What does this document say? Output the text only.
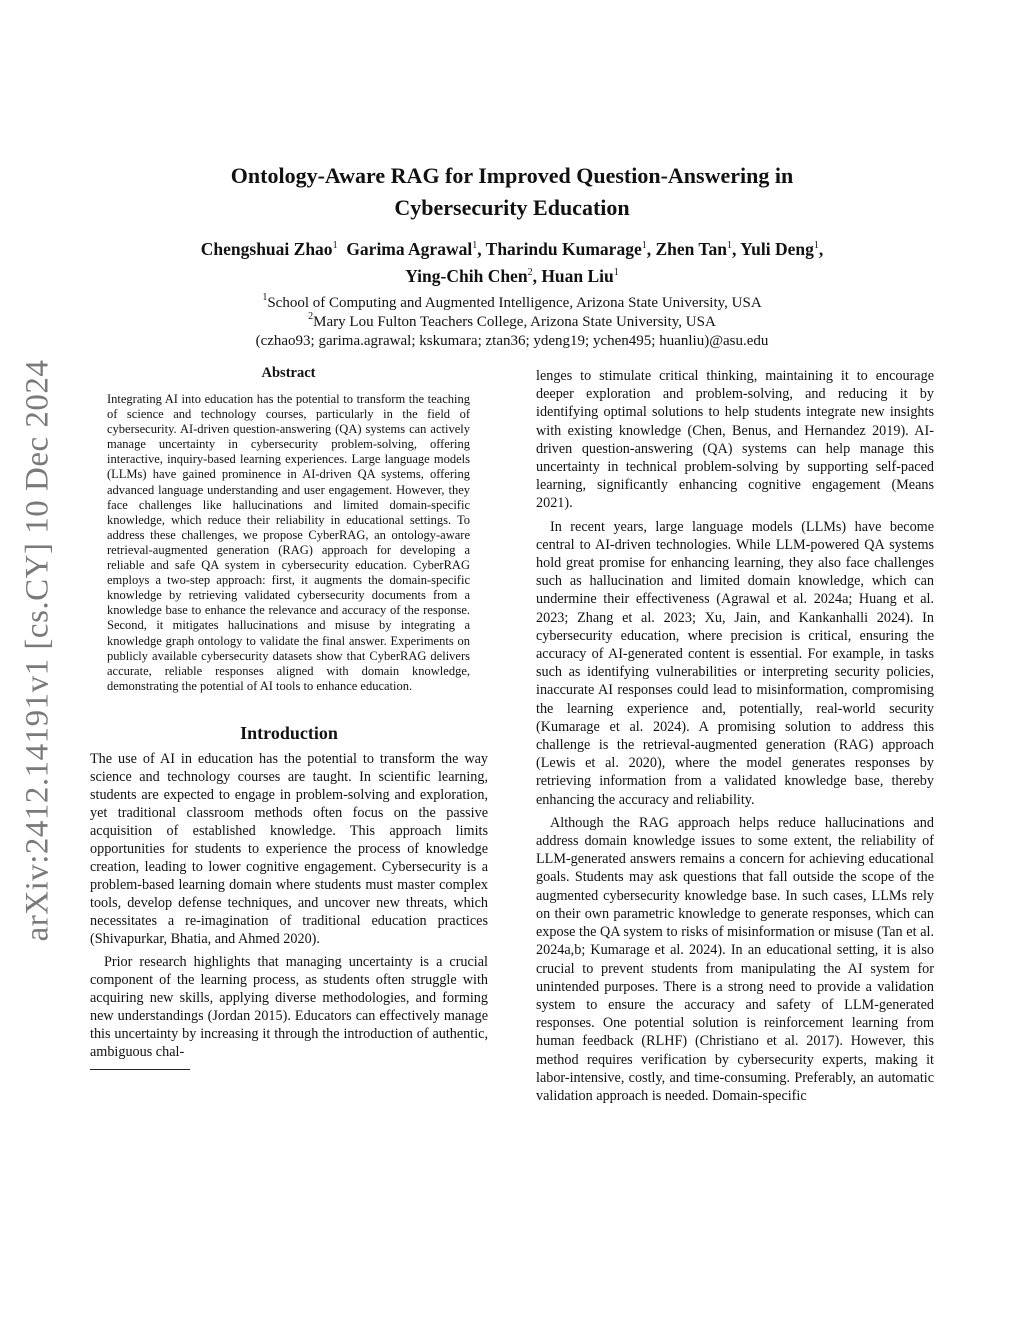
arXiv:2412.14191v1 [cs.CY] 10 Dec 2024
Ontology-Aware RAG for Improved Question-Answering in
Cybersecurity Education
Chengshuai Zhao$^1$ Garima Agrawal$^1$, Tharindu Kumarage$^1$, Zhen Tan$^1$, Yuli Deng$^1$,
Ying-Chih Chen$^2$, Huan Liu$^1$
$^1$School of Computing and Augmented Intelligence, Arizona State University, USA
$^2$Mary Lou Fulton Teachers College, Arizona State University, USA
(czhao93; garima.agrawal; kskumara; ztan36; ydeng19; ychen495; huanliu)@asu.edu
Abstract

Integrating AI into education has the potential to transform the teaching of science and technology courses, particularly in the field of cybersecurity. AI-driven question-answering (QA) systems can actively manage uncertainty in cybersecurity problem-solving, offering interactive, inquiry-based learning experiences. Large language models (LLMs) have gained prominence in AI-driven QA systems, offering advanced language understanding and user engagement. However, they face challenges like hallucinations and limited domain-specific knowledge, which reduce their reliability in educational settings. To address these challenges, we propose CyberRAG, an ontology-aware retrieval-augmented generation (RAG) approach for developing a reliable and safe QA system in cybersecurity education. CyberRAG employs a two-step approach: first, it augments the domain-specific knowledge by retrieving validated cybersecurity documents from a knowledge base to enhance the relevance and accuracy of the response. Second, it mitigates hallucinations and misuse by integrating a knowledge graph ontology to validate the final answer. Experiments on publicly available cybersecurity datasets show that CyberRAG delivers accurate, reliable responses aligned with domain knowledge, demonstrating the potential of AI tools to enhance education.

Introduction

The use of AI in education has the potential to transform the way science and technology courses are taught. In scientific learning, students are expected to engage in problem-solving and exploration, yet traditional classroom methods often focus on the passive acquisition of established knowledge. This approach limits opportunities for students to experience the process of knowledge creation, leading to lower cognitive engagement. Cybersecurity is a problem-based learning domain where students must master complex tools, develop defense techniques, and uncover new threats, which necessitates a re-imagination of traditional education practices (Shivapurkar, Bhatia, and Ahmed 2020).

Prior research highlights that managing uncertainty is a crucial component of the learning process, as students often struggle with acquiring new skills, applying diverse methodologies, and forming new understandings (Jordan 2015). Educators can effectively manage this uncertainty by increasing it through the introduction of authentic, ambiguous chal-

lenges to stimulate critical thinking, maintaining it to encourage deeper exploration and problem-solving, and reducing it by identifying optimal solutions to help students integrate new insights with existing knowledge (Chen, Benus, and Hernandez 2019). AI-driven question-answering (QA) systems can help manage this uncertainty in technical problem-solving by supporting self-paced learning, significantly enhancing cognitive engagement (Means 2021).

In recent years, large language models (LLMs) have become central to AI-driven technologies. While LLM-powered QA systems hold great promise for enhancing learning, they also face challenges such as hallucination and limited domain knowledge, which can undermine their effectiveness (Agrawal et al. 2024a; Huang et al. 2023; Zhang et al. 2023; Xu, Jain, and Kankanhalli 2024). In cybersecurity education, where precision is critical, ensuring the accuracy of AI-generated content is essential. For example, in tasks such as identifying vulnerabilities or interpreting security policies, inaccurate AI responses could lead to misinformation, compromising the learning experience and, potentially, real-world security (Kumarage et al. 2024). A promising solution to address this challenge is the retrieval-augmented generation (RAG) approach (Lewis et al. 2020), where the model generates responses by retrieving information from a validated knowledge base, thereby enhancing the accuracy and reliability.

Although the RAG approach helps reduce hallucinations and address domain knowledge issues to some extent, the reliability of LLM-generated answers remains a concern for achieving educational goals. Students may ask questions that fall outside the scope of the augmented cybersecurity knowledge base. In such cases, LLMs rely on their own parametric knowledge to generate responses, which can expose the QA system to risks of misinformation or misuse (Tan et al. 2024a,b; Kumarage et al. 2024). In an educational setting, it is also crucial to prevent students from manipulating the AI system for unintended purposes. There is a strong need to provide a validation system to ensure the accuracy and safety of LLM-generated responses. One potential solution is reinforcement learning from human feedback (RLHF) (Christiano et al. 2017). However, this method requires verification by cybersecurity experts, making it labor-intensive, costly, and time-consuming. Preferably, an automatic validation approach is needed. Domain-specific
